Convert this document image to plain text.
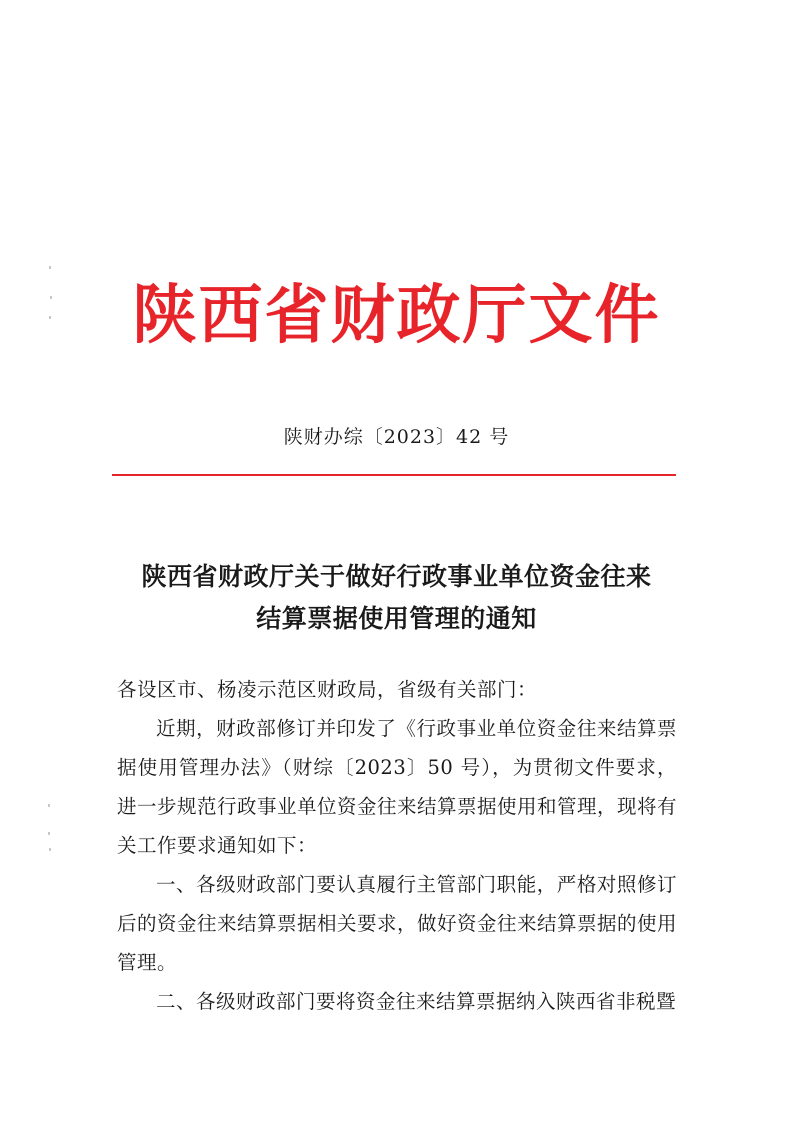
陕西省财政厅文件
陕财办综〔2023〕42 号
陕西省财政厅关于做好行政事业单位资金往来
结算票据使用管理的通知

各设区市、杨凌示范区财政局，省级有关部门：

近期，财政部修订并印发了《行政事业单位资金往来结算票据使用管理办法》（财综〔2023〕50 号），为贯彻文件要求，进一步规范行政事业单位资金往来结算票据使用和管理，现将有关工作要求通知如下：

一、各级财政部门要认真履行主管部门职能，严格对照修订后的资金往来结算票据相关要求，做好资金往来结算票据的使用管理。

二、各级财政部门要将资金往来结算票据纳入陕西省非税暨
